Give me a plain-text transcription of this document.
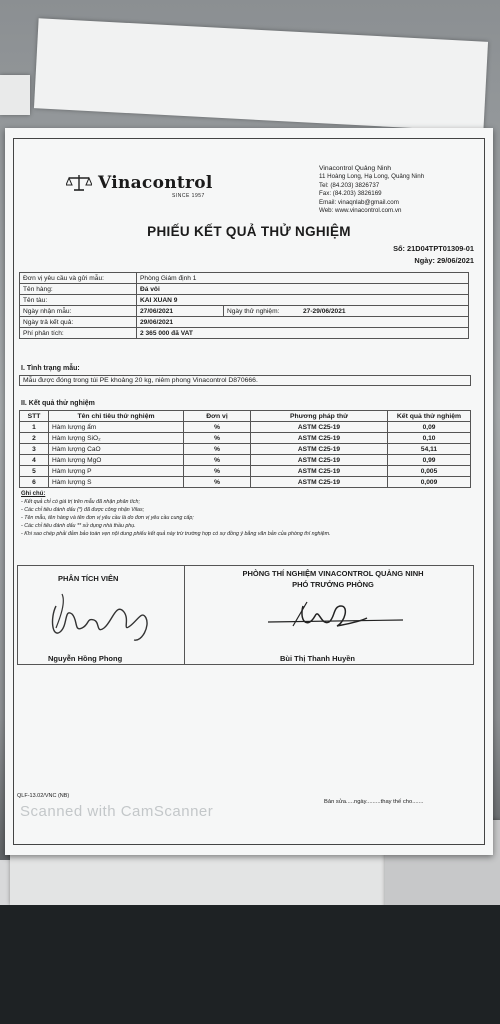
Vinacontrol
SINCE 1957
Vinacontrol Quảng Ninh
11 Hoàng Long, Hạ Long, Quảng Ninh
Tel: (84.203) 3826737
Fax: (84.203) 3826169
Email: vinaqnlab@gmail.com
Web: www.vinacontrol.com.vn
PHIẾU KẾT QUẢ THỬ NGHIỆM
Số: 21D04TPT01309-01
Ngày: 29/06/2021
Đơn vị yêu cầu và gửi mẫu:	Phòng Giám định 1		
Tên hàng:	Đá vôi		
Tên tàu:	KAI XUAN 9		
Ngày nhận mẫu:	27/06/2021	Ngày thử nghiệm:	27-29/06/2021
Ngày trả kết quả:	29/06/2021		
Phí phân tích:	2 365 000 đã VAT		
I. Tình trạng mẫu:
Mẫu được đóng trong túi PE khoảng 20 kg, niêm phong Vinacontrol D870666.
II. Kết quả thử nghiệm
STT	Tên chỉ tiêu thử nghiệm	Đơn vị	Phương pháp thử	Kết quả thử nghiệm
1	Hàm lượng ẩm	%	ASTM C25-19	0,09
2	Hàm lượng SiO₂	%	ASTM C25-19	0,10
3	Hàm lượng CaO	%	ASTM C25-19	54,11
4	Hàm lượng MgO	%	ASTM C25-19	0,99
5	Hàm lượng P	%	ASTM C25-19	0,005
6	Hàm lượng S	%	ASTM C25-19	0,009
Ghi chú:
- Kết quả chỉ có giá trị trên mẫu đã nhận phân tích;
- Các chỉ tiêu đánh dấu (*) đã được công nhận Vilas;
- Tên mẫu, tên hàng và tên đơn vị yêu cầu là do đơn vị yêu cầu cung cấp;
- Các chỉ tiêu đánh dấu ** sử dụng nhà thầu phụ.
- Khi sao chép phải đảm bảo toàn vẹn nội dung phiếu kết quả này trừ trường hợp có sự đồng ý bằng văn bản của phòng thí nghiệm.
PHÂN TÍCH VIÊN
PHÒNG THÍ NGHIỆM VINACONTROL QUẢNG NINH
PHÓ TRƯỞNG PHÒNG
Nguyễn Hồng Phong	Bùi Thị Thanh Huyền
QLF-13.02/VNC (NB)
Bản sửa.....ngày.........thay thế cho.......
Scanned with CamScanner
